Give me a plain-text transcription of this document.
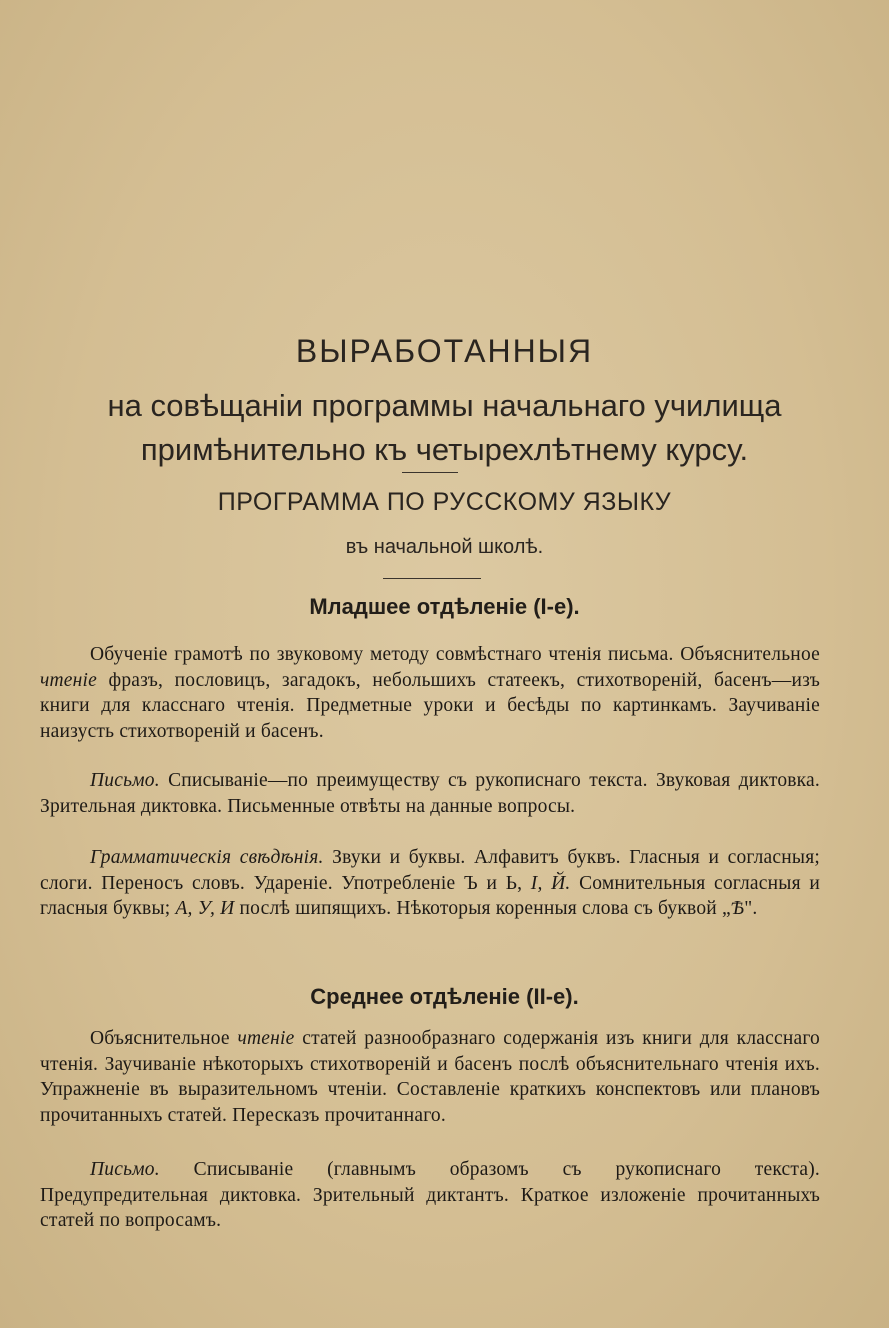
ВЫРАБОТАННЫЯ
на совѣщанiи программы начальнаго училища примѣнительно къ четырехлѣтнему курсу.
ПРОГРАММА ПО РУССКОМУ ЯЗЫКУ
въ начальной школѣ.
Младшее отдѣленiе (I-е).
Обученiе грамотѣ по звуковому методу совмѣстнаго чтенiя письма. Объяснительное чтенiе фразъ, пословицъ, загадокъ, небольшихъ статеекъ, стихотворенiй, басенъ—изъ книги для класснаго чтенiя. Предметные уроки и бесѣды по картинкамъ. Заучиванiе наизусть стихотворенiй и басенъ.
Письмо. Списыванiе—по преимуществу съ рукописнаго текста. Звуковая диктовка. Зрительная диктовка. Письменные отвѣты на данные вопросы.
Грамматическiя свѣдѣнiя. Звуки и буквы. Алфавитъ буквъ. Гласныя и согласныя; слоги. Переносъ словъ. Ударенiе. Употребленiе Ъ и Ь, I, Й. Сомнительныя согласныя и гласныя буквы; А, У, И послѣ шипящихъ. Нѣкоторыя коренныя слова съ буквой „Ѣ".
Среднее отдѣленiе (II-е).
Объяснительное чтенiе статей разнообразнаго содержанiя изъ книги для класснаго чтенiя. Заучиванiе нѣкоторыхъ стихотворенiй и басенъ послѣ объяснительнаго чтенiя ихъ. Упражненiе въ выразительномъ чтенiи. Составленiе краткихъ конспектовъ или плановъ прочитанныхъ статей. Пересказъ прочитаннаго.
Письмо. Списыванiе (главнымъ образомъ съ рукописнаго текста). Предупредительная диктовка. Зрительный диктантъ. Краткое изложенiе прочитанныхъ статей по вопросамъ.
